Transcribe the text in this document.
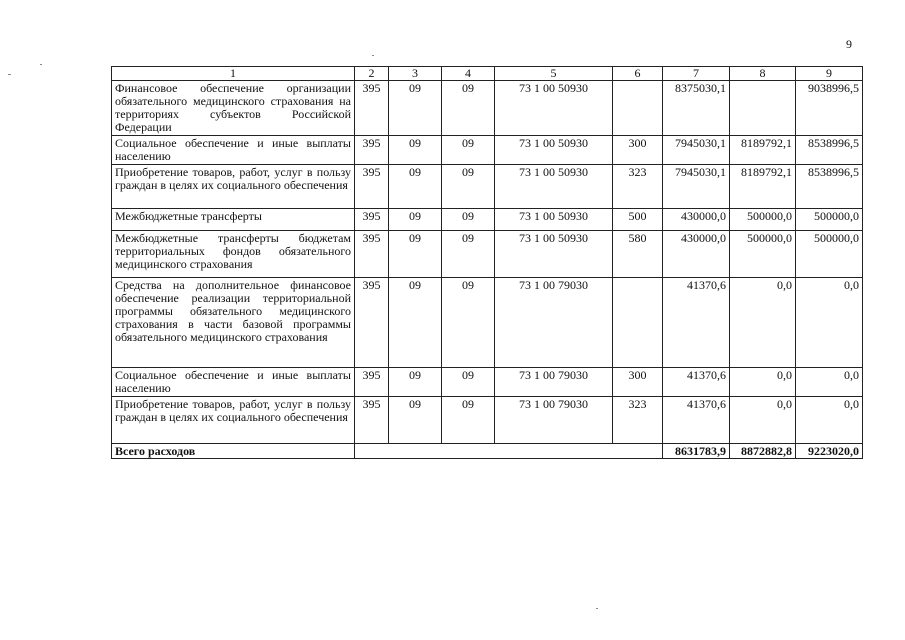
9
1	2	3	4	5	6	7	8	9
Финансовое обеспечение организации обязательного медицинского страхования на территориях субъектов Российской Федерации	395	09	09	73 1 00 50930		8375030,1		9038996,5
Социальное обеспечение и иные выплаты населению	395	09	09	73 1 00 50930	300	7945030,1	8189792,1	8538996,5
Приобретение товаров, работ, услуг в пользу граждан в целях их социального обеспечения	395	09	09	73 1 00 50930	323	7945030,1	8189792,1	8538996,5
Межбюджетные трансферты	395	09	09	73 1 00 50930	500	430000,0	500000,0	500000,0
Межбюджетные трансферты бюджетам территориальных фондов обязательного медицинского страхования	395	09	09	73 1 00 50930	580	430000,0	500000,0	500000,0
Средства на дополнительное финансовое обеспечение реализации территориальной программы обязательного медицинского страхования в части базовой программы обязательного медицинского страхования	395	09	09	73 1 00 79030		41370,6	0,0	0,0
Социальное обеспечение и иные выплаты населению	395	09	09	73 1 00 79030	300	41370,6	0,0	0,0
Приобретение товаров, работ, услуг в пользу граждан в целях их социального обеспечения	395	09	09	73 1 00 79030	323	41370,6	0,0	0,0
Всего расходов						8631783,9	8872882,8	9223020,0
